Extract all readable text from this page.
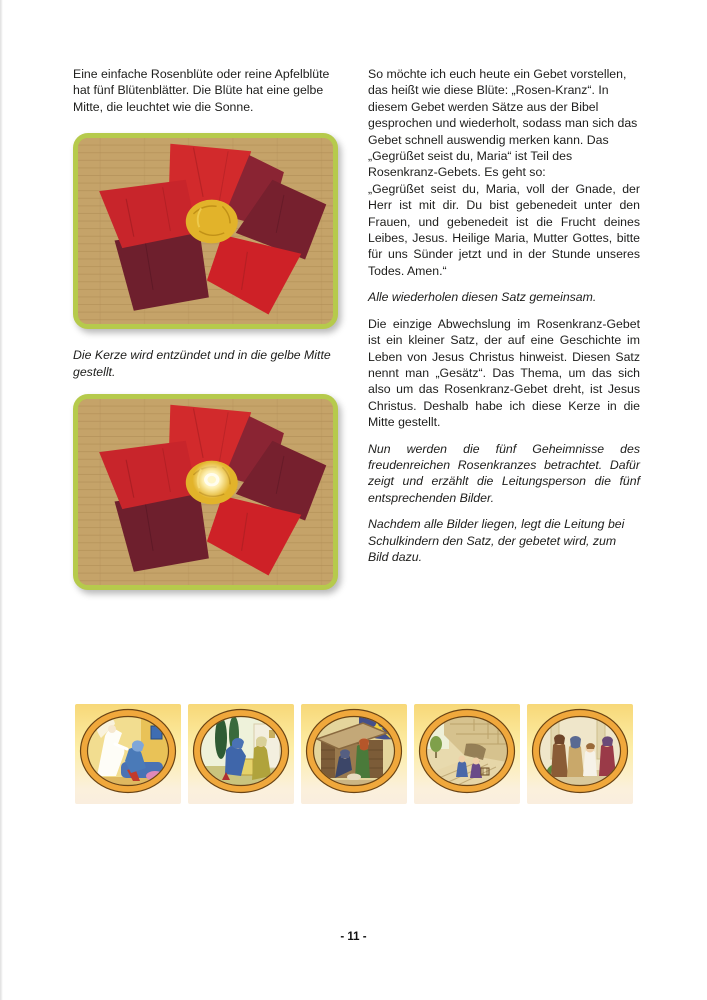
Eine einfache Rosenblüte oder reine Apfelblüte hat fünf Blütenblätter. Die Blüte hat eine gelbe Mitte, die leuchtet wie die Sonne.

Die Kerze wird entzündet und in die gelbe Mitte gestellt.

So möchte ich euch heute ein Gebet vorstellen, das heißt wie diese Blüte: „Rosen-Kranz“. In diesem Gebet werden Sätze aus der Bibel gesprochen und wiederholt, sodass man sich das Gebet schnell auswendig merken kann. Das „Gegrüßet seist du, Maria“ ist Teil des Rosenkranz-Gebets. Es geht so:

„Gegrüßet seist du, Maria, voll der Gnade, der Herr ist mit dir. Du bist gebenedeit unter den Frauen, und gebenedeit ist die Frucht deines Leibes, Jesus. Heilige Maria, Mutter Gottes, bitte für uns Sünder jetzt und in der Stunde unseres Todes. Amen.“

Alle wiederholen diesen Satz gemeinsam.

Die einzige Abwechslung im Rosenkranz-Gebet ist ein kleiner Satz, der auf eine Geschichte im Leben von Jesus Christus hinweist. Diesen Satz nennt man „Gesätz“. Das Thema, um das sich also um das Rosenkranz-Gebet dreht, ist Jesus Christus. Deshalb habe ich diese Kerze in die Mitte gestellt.

Nun werden die fünf Geheimnisse des freudenreichen Rosenkranzes betrachtet. Dafür zeigt und erzählt die Leitungsperson die fünf entsprechenden Bilder.

Nachdem alle Bilder liegen, legt die Leitung bei Schulkindern den Satz, der gebetet wird, zum Bild dazu.

- 11 -
